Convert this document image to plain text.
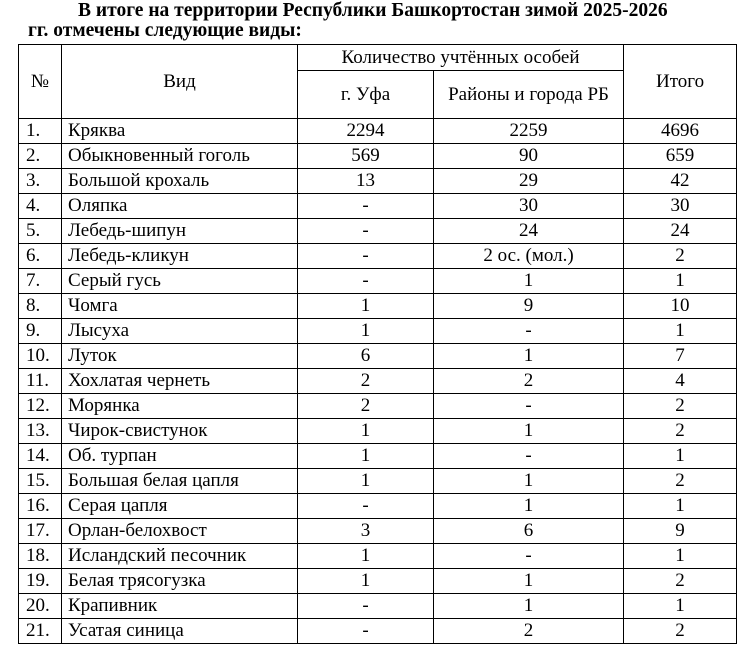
В итоге на территории Республики Башкортостан зимой 2025-2026
гг. отмечены следующие виды:
№	Вид	Количество учтённых особей		Итого
		г. Уфа	Районы и города РБ	
1.	Кряква	2294	2259	4696
2.	Обыкновенный гоголь	569	90	659
3.	Большой крохаль	13	29	42
4.	Оляпка	-	30	30
5.	Лебедь-шипун	-	24	24
6.	Лебедь-кликун	-	2 ос. (мол.)	2
7.	Серый гусь	-	1	1
8.	Чомга	1	9	10
9.	Лысуха	1	-	1
10.	Луток	6	1	7
11.	Хохлатая чернеть	2	2	4
12.	Морянка	2	-	2
13.	Чирок-свистунок	1	1	2
14.	Об. турпан	1	-	1
15.	Большая белая цапля	1	1	2
16.	Серая цапля	-	1	1
17.	Орлан-белохвост	3	6	9
18.	Исландский песочник	1	-	1
19.	Белая трясогузка	1	1	2
20.	Крапивник	-	1	1
21.	Усатая синица	-	2	2
